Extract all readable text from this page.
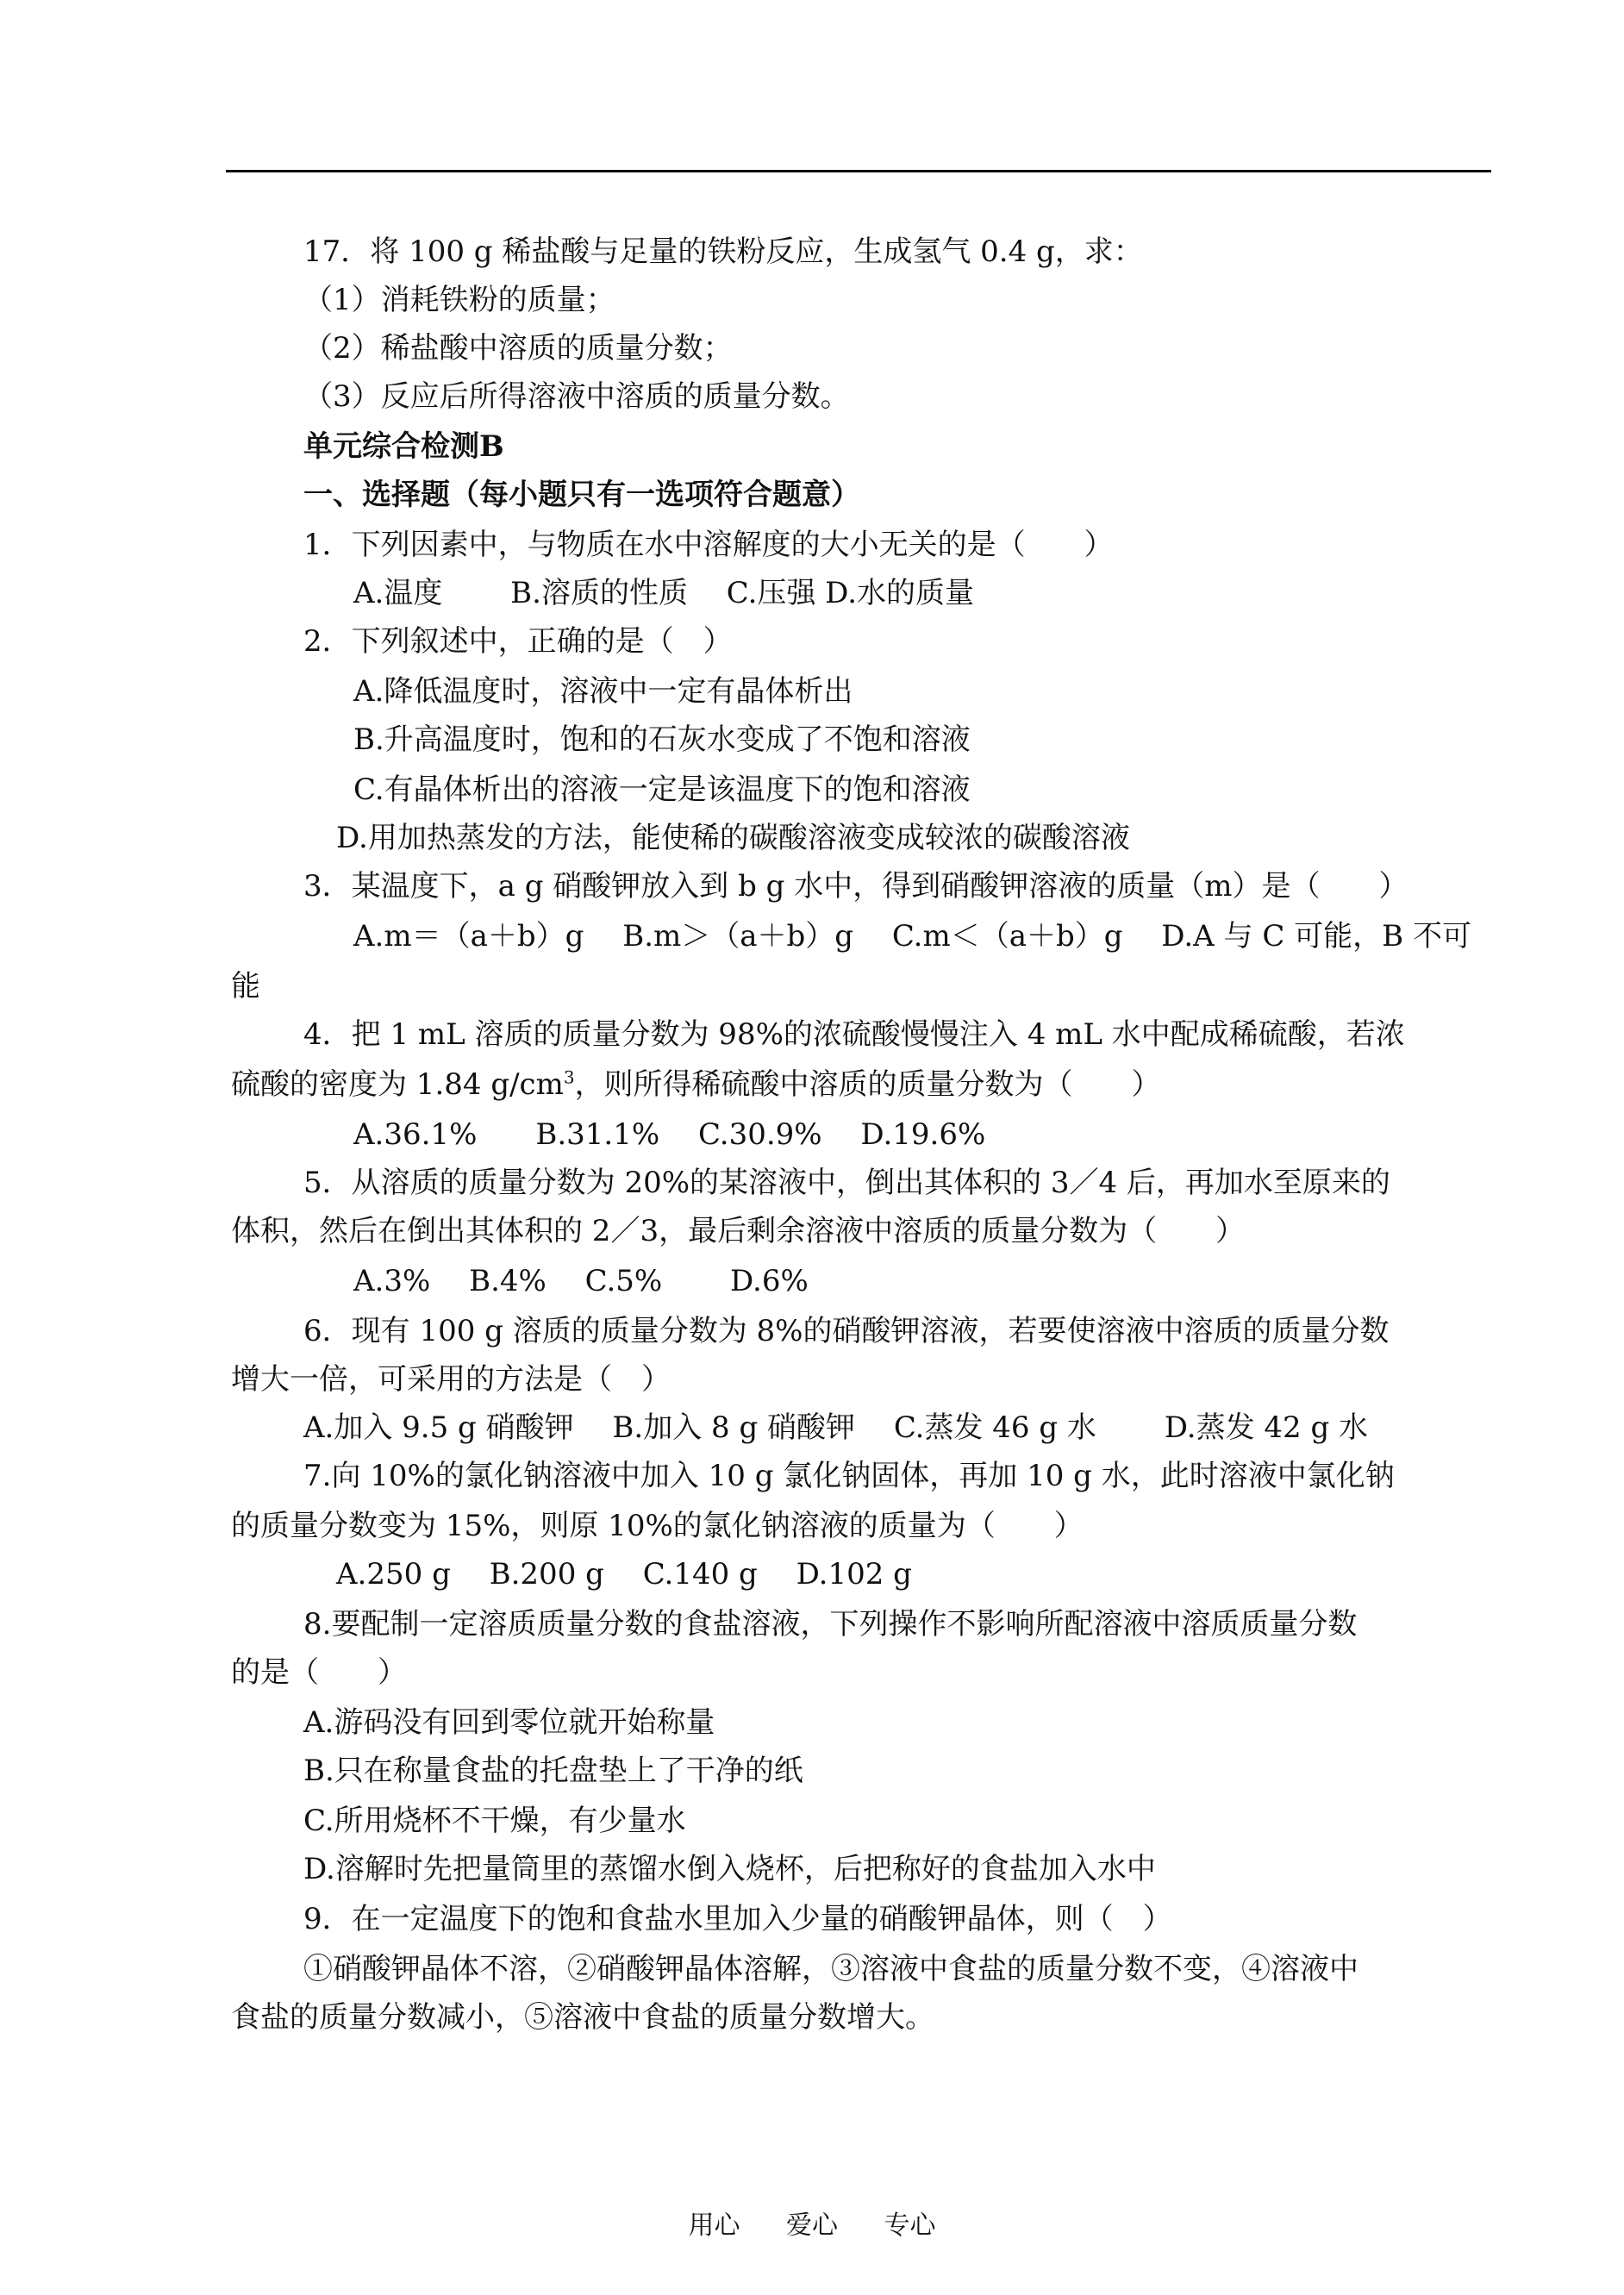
17．将 100 g 稀盐酸与足量的铁粉反应，生成氢气 0.4 g，求：
（1）消耗铁粉的质量；
（2）稀盐酸中溶质的质量分数；
（3）反应后所得溶液中溶质的质量分数。
单元综合检测B
一、选择题（每小题只有一选项符合题意）
1．下列因素中，与物质在水中溶解度的大小无关的是（　　）
A.温度　　 B.溶质的性质　 C.压强 D.水的质量
2．下列叙述中，正确的是（　）
A.降低温度时，溶液中一定有晶体析出
B.升高温度时，饱和的石灰水变成了不饱和溶液
C.有晶体析出的溶液一定是该温度下的饱和溶液
D.用加热蒸发的方法，能使稀的碳酸溶液变成较浓的碳酸溶液
3．某温度下，a g 硝酸钾放入到 b g 水中，得到硝酸钾溶液的质量（m）是（　　）
A.m＝（a＋b）g　 B.m＞（a＋b）g　 C.m＜（a＋b）g　 D.A 与 C 可能，B 不可
能
4．把 1 mL 溶质的质量分数为 98%的浓硫酸慢慢注入 4 mL 水中配成稀硫酸，若浓
硫酸的密度为 1.84 $g/cm^3$，则所得稀硫酸中溶质的质量分数为（　　）
A.36.1%　　B.31.1%　 C.30.9%　 D.19.6%
5．从溶质的质量分数为 20%的某溶液中，倒出其体积的 3／4 后，再加水至原来的
体积，然后在倒出其体积的 2／3，最后剩余溶液中溶质的质量分数为（　　）
A.3%　 B.4%　 C.5%　　 D.6%
6．现有 100 g 溶质的质量分数为 8%的硝酸钾溶液，若要使溶液中溶质的质量分数
增大一倍，可采用的方法是（　）
A.加入 9.5 g 硝酸钾　 B.加入 8 g 硝酸钾　 C.蒸发 46 g 水　　 D.蒸发 42 g 水
7.向 10%的氯化钠溶液中加入 10 g 氯化钠固体，再加 10 g 水，此时溶液中氯化钠
的质量分数变为 15%，则原 10%的氯化钠溶液的质量为（　　）
A.250 g　 B.200 g　 C.140 g　 D.102 g
8.要配制一定溶质质量分数的食盐溶液，下列操作不影响所配溶液中溶质质量分数
的是（　　）
A.游码没有回到零位就开始称量
B.只在称量食盐的托盘垫上了干净的纸
C.所用烧杯不干燥，有少量水
D.溶解时先把量筒里的蒸馏水倒入烧杯，后把称好的食盐加入水中
9．在一定温度下的饱和食盐水里加入少量的硝酸钾晶体，则（　）
①硝酸钾晶体不溶，②硝酸钾晶体溶解，③溶液中食盐的质量分数不变，④溶液中
食盐的质量分数减小，⑤溶液中食盐的质量分数增大。
用心 爱心 专心
